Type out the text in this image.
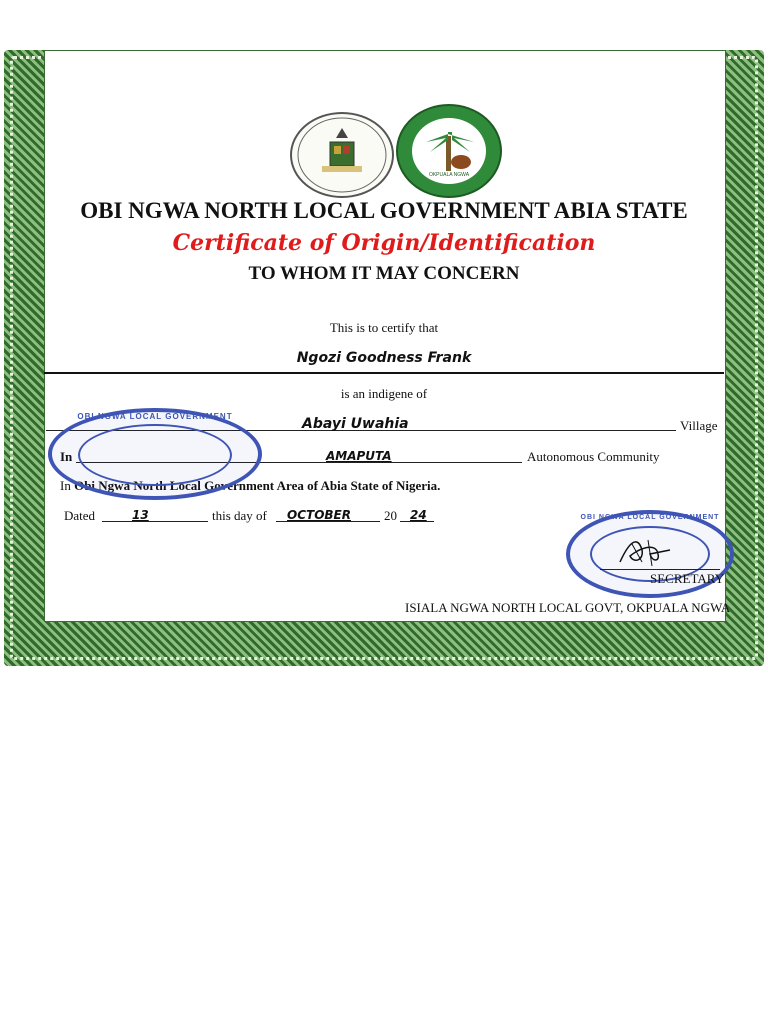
OKPUALA NGWA
OBI NGWA NORTH LOCAL GOVERNMENT ABIA STATE
Certificate of Origin/Identification
TO WHOM IT MAY CONCERN
This is to certify that
Ngozi Goodness Frank
is an indigene of
Abayi Uwahia	Village
In	AMAPUTA	Autonomous Community
In Obi Ngwa North Local Government Area of Abia State of Nigeria.
Dated	13	this day of OCTOBER	20 24
OBI NGWA LOCAL GOVERNMENT
OBI NGWA LOCAL GOVERNMENT
SECRETARY
ISIALA NGWA NORTH LOCAL GOVT, OKPUALA NGWA
